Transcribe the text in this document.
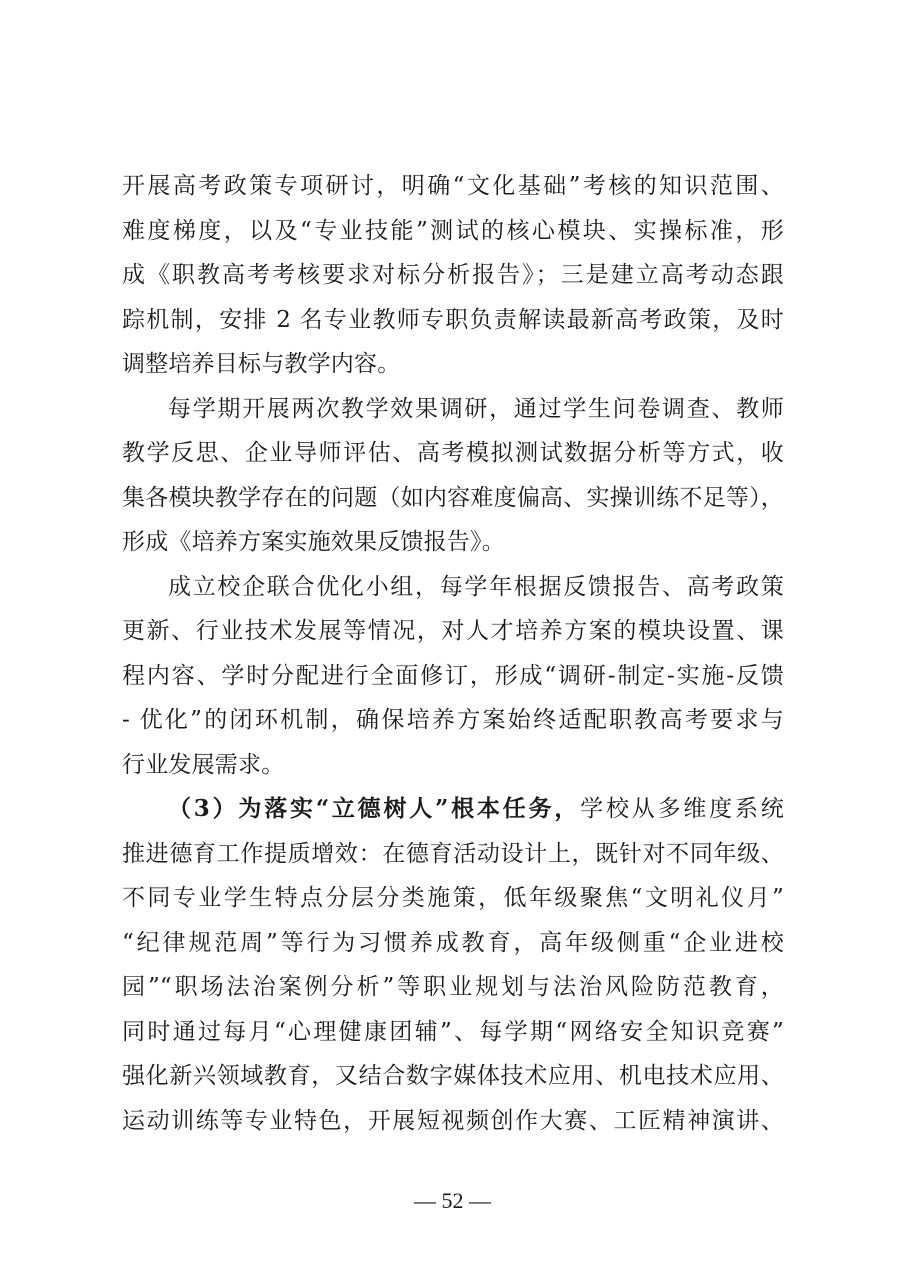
开展高考政策专项研讨，明确“文化基础”考核的知识范围、
难度梯度，以及“专业技能”测试的核心模块、实操标准，形
成《职教高考考核要求对标分析报告》；三是建立高考动态跟
踪机制，安排 2 名专业教师专职负责解读最新高考政策，及时
调整培养目标与教学内容。
每学期开展两次教学效果调研，通过学生问卷调查、教师
教学反思、企业导师评估、高考模拟测试数据分析等方式，收
集各模块教学存在的问题（如内容难度偏高、实操训练不足等），
形成《培养方案实施效果反馈报告》。
成立校企联合优化小组，每学年根据反馈报告、高考政策
更新、行业技术发展等情况，对人才培养方案的模块设置、课
程内容、学时分配进行全面修订，形成“调研-制定-实施-反馈
- 优化”的闭环机制，确保培养方案始终适配职教高考要求与
行业发展需求。
（3）为落实“立德树人”根本任务，学校从多维度系统
推进德育工作提质增效：在德育活动设计上，既针对不同年级、
不同专业学生特点分层分类施策，低年级聚焦“文明礼仪月”
“纪律规范周”等行为习惯养成教育，高年级侧重“企业进校
园”“职场法治案例分析”等职业规划与法治风险防范教育，
同时通过每月“心理健康团辅”、每学期“网络安全知识竞赛”
强化新兴领域教育，又结合数字媒体技术应用、机电技术应用、
运动训练等专业特色，开展短视频创作大赛、工匠精神演讲、
— 52 —
